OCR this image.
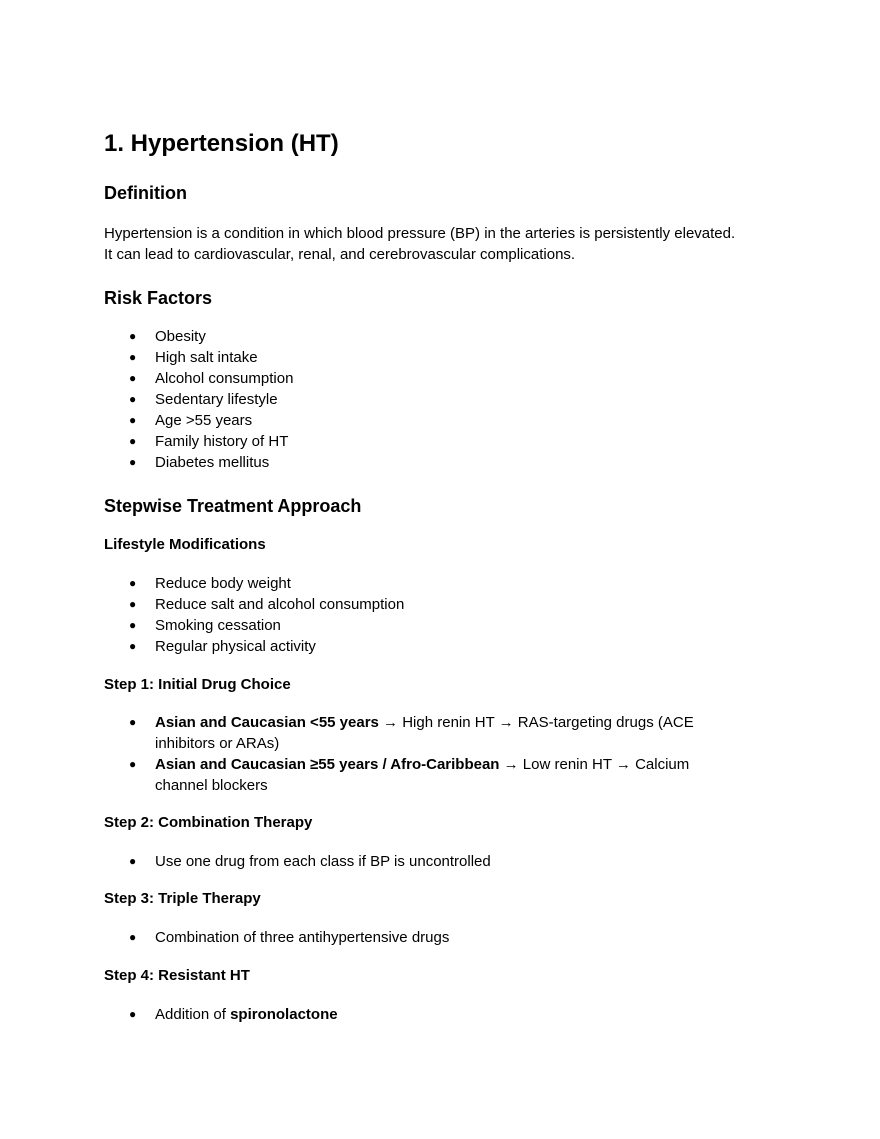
1. Hypertension (HT)
Definition

Hypertension is a condition in which blood pressure (BP) in the arteries is persistently elevated.
It can lead to cardiovascular, renal, and cerebrovascular complications.

Risk Factors
● Obesity
● High salt intake
● Alcohol consumption
● Sedentary lifestyle
● Age >55 years
● Family history of HT
● Diabetes mellitus
Stepwise Treatment Approach
Lifestyle Modifications
● Reduce body weight
● Reduce salt and alcohol consumption
● Smoking cessation
● Regular physical activity
Step 1: Initial Drug Choice
● Asian and Caucasian <55 years → High renin HT → RAS-targeting drugs (ACE inhibitors or ARAs)
● Asian and Caucasian ≥55 years / Afro-Caribbean → Low renin HT → Calcium channel blockers
Step 2: Combination Therapy
● Use one drug from each class if BP is uncontrolled
Step 3: Triple Therapy
● Combination of three antihypertensive drugs
Step 4: Resistant HT
● Addition of spironolactone
